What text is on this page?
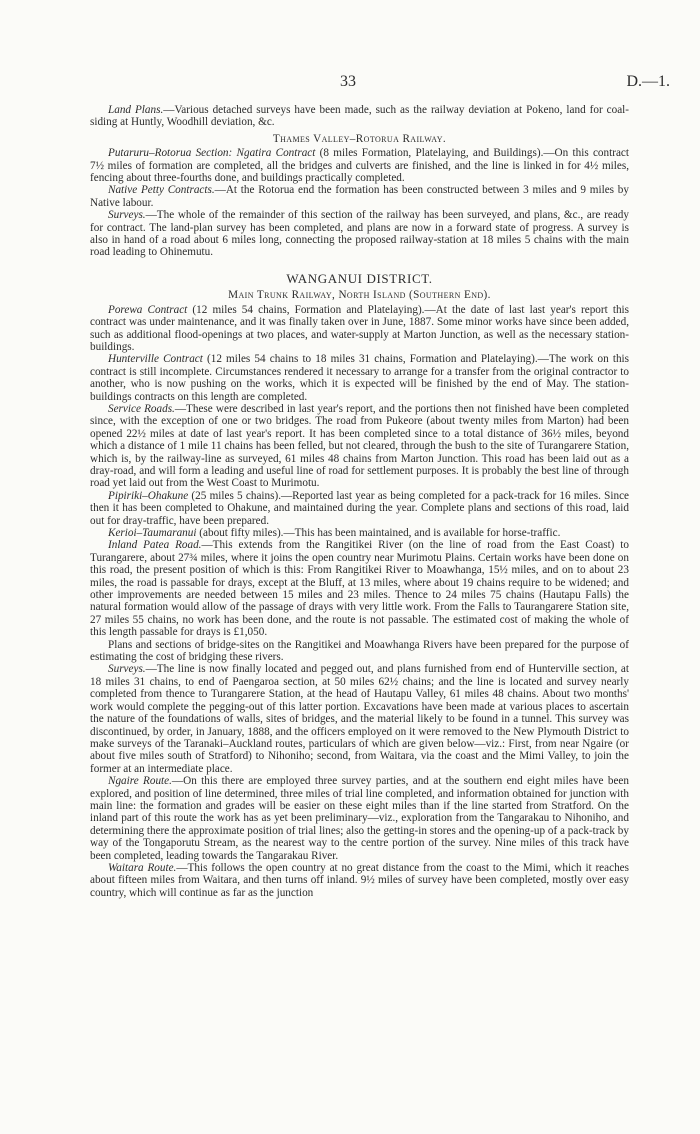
33	D.—1.

Land Plans.—Various detached surveys have been made, such as the railway deviation at Pokeno, land for coal-siding at Huntly, Woodhill deviation, &c.

Thames Valley–Rotorua Railway.

Putaruru–Rotorua Section: Ngatira Contract (8 miles Formation, Platelaying, and Buildings).—On this contract 7½ miles of formation are completed, all the bridges and culverts are finished, and the line is linked in for 4½ miles, fencing about three-fourths done, and buildings practically completed.

Native Petty Contracts.—At the Rotorua end the formation has been constructed between 3 miles and 9 miles by Native labour.

Surveys.—The whole of the remainder of this section of the railway has been surveyed, and plans, &c., are ready for contract. The land-plan survey has been completed, and plans are now in a forward state of progress. A survey is also in hand of a road about 6 miles long, connecting the proposed railway-station at 18 miles 5 chains with the main road leading to Ohinemutu.

WANGANUI DISTRICT.
Main Trunk Railway, North Island (Southern End).

Porewa Contract (12 miles 54 chains, Formation and Platelaying).—At the date of last last year's report this contract was under maintenance, and it was finally taken over in June, 1887. Some minor works have since been added, such as additional flood-openings at two places, and water-supply at Marton Junction, as well as the necessary station-buildings.

Hunterville Contract (12 miles 54 chains to 18 miles 31 chains, Formation and Platelaying).—The work on this contract is still incomplete. Circumstances rendered it necessary to arrange for a transfer from the original contractor to another, who is now pushing on the works, which it is expected will be finished by the end of May. The station-buildings contracts on this length are completed.

Service Roads.—These were described in last year's report, and the portions then not finished have been completed since, with the exception of one or two bridges. The road from Pukeore (about twenty miles from Marton) had been opened 22½ miles at date of last year's report. It has been completed since to a total distance of 36½ miles, beyond which a distance of 1 mile 11 chains has been felled, but not cleared, through the bush to the site of Turangarere Station, which is, by the railway-line as surveyed, 61 miles 48 chains from Marton Junction. This road has been laid out as a dray-road, and will form a leading and useful line of road for settlement purposes. It is probably the best line of through road yet laid out from the West Coast to Murimotu.

Pipiriki–Ohakune (25 miles 5 chains).—Reported last year as being completed for a pack-track for 16 miles. Since then it has been completed to Ohakune, and maintained during the year. Complete plans and sections of this road, laid out for dray-traffic, have been prepared.

Kerioi–Taumaranui (about fifty miles).—This has been maintained, and is available for horse-traffic.

Inland Patea Road.—This extends from the Rangitikei River (on the line of road from the East Coast) to Turangarere, about 27¾ miles, where it joins the open country near Murimotu Plains. Certain works have been done on this road, the present position of which is this: From Rangitikei River to Moawhanga, 15½ miles, and on to about 23 miles, the road is passable for drays, except at the Bluff, at 13 miles, where about 19 chains require to be widened; and other improvements are needed between 15 miles and 23 miles. Thence to 24 miles 75 chains (Hautapu Falls) the natural formation would allow of the passage of drays with very little work. From the Falls to Taurangarere Station site, 27 miles 55 chains, no work has been done, and the route is not passable. The estimated cost of making the whole of this length passable for drays is £1,050.

Plans and sections of bridge-sites on the Rangitikei and Moawhanga Rivers have been prepared for the purpose of estimating the cost of bridging these rivers.

Surveys.—The line is now finally located and pegged out, and plans furnished from end of Hunterville section, at 18 miles 31 chains, to end of Paengaroa section, at 50 miles 62½ chains; and the line is located and survey nearly completed from thence to Turangarere Station, at the head of Hautapu Valley, 61 miles 48 chains. About two months' work would complete the pegging-out of this latter portion. Excavations have been made at various places to ascertain the nature of the foundations of walls, sites of bridges, and the material likely to be found in a tunnel. This survey was discontinued, by order, in January, 1888, and the officers employed on it were removed to the New Plymouth District to make surveys of the Taranaki–Auckland routes, particulars of which are given below—viz.: First, from near Ngaire (or about five miles south of Stratford) to Nihoniho; second, from Waitara, via the coast and the Mimi Valley, to join the former at an intermediate place.

Ngaire Route.—On this there are employed three survey parties, and at the southern end eight miles have been explored, and position of line determined, three miles of trial line completed, and information obtained for junction with main line: the formation and grades will be easier on these eight miles than if the line started from Stratford. On the inland part of this route the work has as yet been preliminary—viz., exploration from the Tangarakau to Nihoniho, and determining there the approximate position of trial lines; also the getting-in stores and the opening-up of a pack-track by way of the Tongaporutu Stream, as the nearest way to the centre portion of the survey. Nine miles of this track have been completed, leading towards the Tangarakau River.

Waitara Route.—This follows the open country at no great distance from the coast to the Mimi, which it reaches about fifteen miles from Waitara, and then turns off inland. 9½ miles of survey have been completed, mostly over easy country, which will continue as far as the junction
